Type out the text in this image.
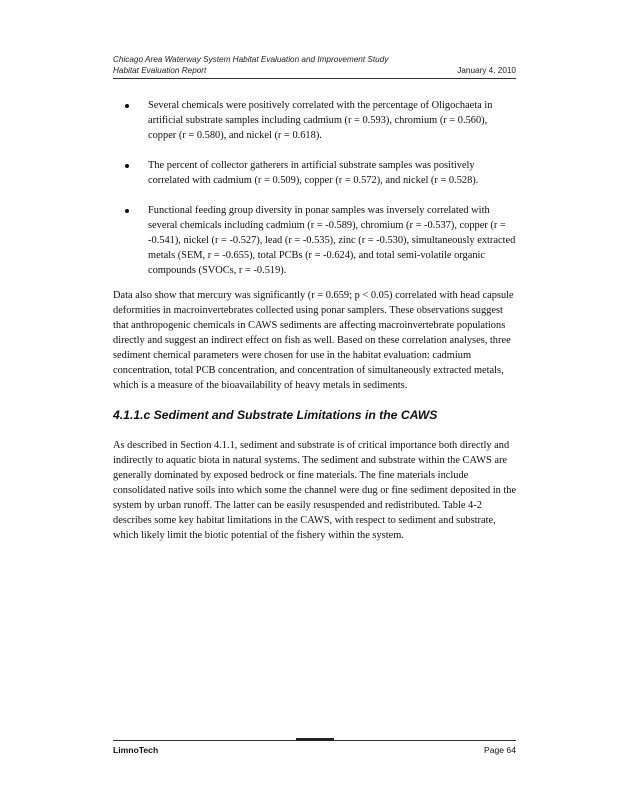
Chicago Area Waterway System Habitat Evaluation and Improvement Study
Habitat Evaluation Report	January 4, 2010
Several chemicals were positively correlated with the percentage of Oligochaeta in artificial substrate samples including cadmium (r = 0.593), chromium (r = 0.560), copper (r = 0.580), and nickel (r = 0.618).
The percent of collector gatherers in artificial substrate samples was positively correlated with cadmium (r = 0.509), copper (r = 0.572), and nickel (r = 0.528).
Functional feeding group diversity in ponar samples was inversely correlated with several chemicals including cadmium (r = -0.589), chromium (r = -0.537), copper (r = -0.541), nickel (r = -0.527), lead (r = -0.535), zinc (r = -0.530), simultaneously extracted metals (SEM, r = -0.655), total PCBs (r = -0.624), and total semi-volatile organic compounds (SVOCs, r = -0.519).

Data also show that mercury was significantly (r = 0.659; p < 0.05) correlated with head capsule deformities in macroinvertebrates collected using ponar samplers. These observations suggest that anthropogenic chemicals in CAWS sediments are affecting macroinvertebrate populations directly and suggest an indirect effect on fish as well. Based on these correlation analyses, three sediment chemical parameters were chosen for use in the habitat evaluation: cadmium concentration, total PCB concentration, and concentration of simultaneously extracted metals, which is a measure of the bioavailability of heavy metals in sediments.

4.1.1.c Sediment and Substrate Limitations in the CAWS

As described in Section 4.1.1, sediment and substrate is of critical importance both directly and indirectly to aquatic biota in natural systems. The sediment and substrate within the CAWS are generally dominated by exposed bedrock or fine materials. The fine materials include consolidated native soils into which some the channel were dug or fine sediment deposited in the system by urban runoff. The latter can be easily resuspended and redistributed. Table 4-2 describes some key habitat limitations in the CAWS, with respect to sediment and substrate, which likely limit the biotic potential of the fishery within the system.

LimnoTech	Page 64
